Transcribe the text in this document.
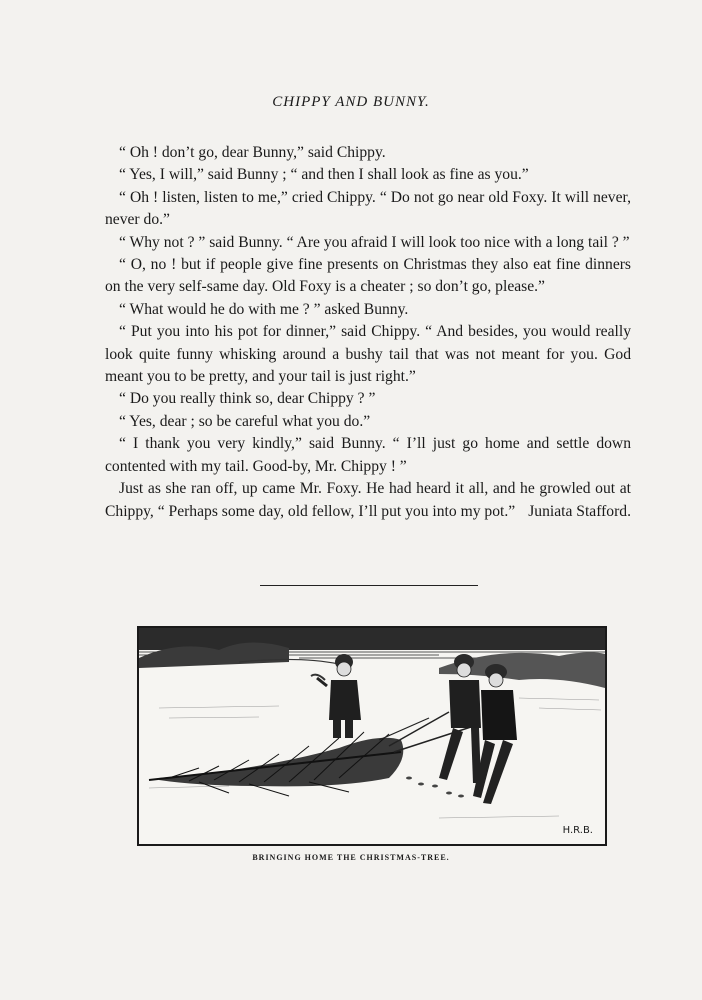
CHIPPY AND BUNNY.

“ Oh ! don’t go, dear Bunny,” said Chippy.

“ Yes, I will,” said Bunny ; “ and then I shall look as fine as you.”

“ Oh ! listen, listen to me,” cried Chippy. “ Do not go near old Foxy. It will never, never do.”

“ Why not ? ” said Bunny. “ Are you afraid I will look too nice with a long tail ? ”

“ O, no ! but if people give fine presents on Christmas they also eat fine dinners on the very self-same day. Old Foxy is a cheater ; so don’t go, please.”

“ What would he do with me ? ” asked Bunny.

“ Put you into his pot for dinner,” said Chippy. “ And besides, you would really look quite funny whisking around a bushy tail that was not meant for you. God meant you to be pretty, and your tail is just right.”

“ Do you really think so, dear Chippy ? ”

“ Yes, dear ; so be careful what you do.”

“ I thank you very kindly,” said Bunny. “ I’ll just go home and settle down contented with my tail. Good-by, Mr. Chippy ! ”

Just as she ran off, up came Mr. Foxy. He had heard it all, and he growled out at Chippy, “ Perhaps some day, old fellow, I’ll put you into my pot.” Juniata Stafford.
H.R.B.
BRINGING HOME THE CHRISTMAS-TREE.
